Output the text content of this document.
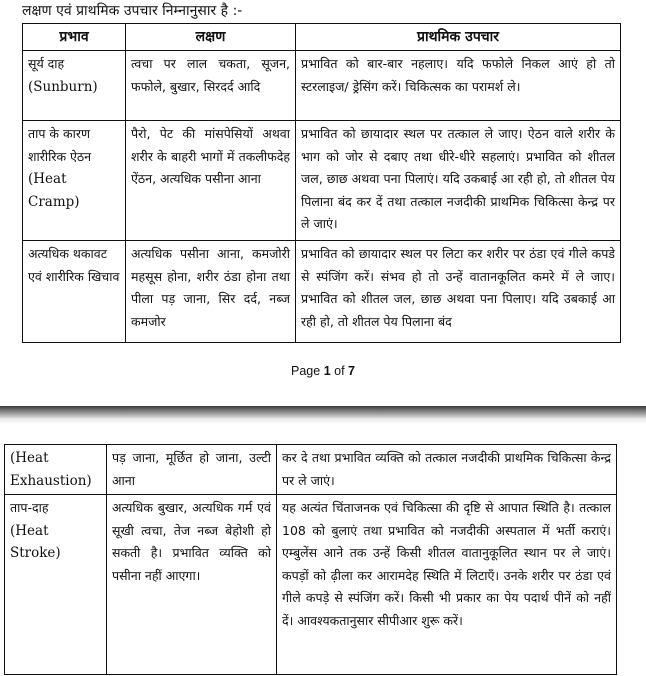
लक्षण एवं प्राथमिक उपचार निम्नानुसार है :-
प्रभाव	लक्षण	प्राथमिक उपचार

सूर्य दाह
(Sunburn)	त्वचा पर लाल चकता, सूजन, फफोले, बुखार, सिरदर्द आदि	प्रभावित को बार-बार नहलाए। यदि फफोले निकल आएं हो तो स्टरलाइज/ ड्रेसिंग करें। चिकित्सक का परामर्श ले।

ताप के कारण शारीरिक ऐठन
(Heat Cramp)	पैरो, पेट की मांसपेसियों अथवा शरीर के बाहरी भागों में तकलीफदेह ऐंठन, अत्यधिक पसीना आना	प्रभावित को छायादार स्थल पर तत्काल ले जाए। ऐठन वाले शरीर के भाग को जोर से दबाए तथा धीरे-धीरे सहलाएं। प्रभावित को शीतल जल, छाछ अथवा पना पिलाएं। यदि उकबाई आ रही हो, तो शीतल पेय पिलाना बंद कर दें तथा तत्काल नजदीकी प्राथमिक चिकित्सा केन्द्र पर ले जाएं।

अत्यधिक थकावट एवं शारीरिक खिचाव	अत्यधिक पसीना आना, कमजोरी महसूस होना, शरीर ठंडा होना तथा पीला पड़ जाना, सिर दर्द, नब्ज कमजोर	प्रभावित को छायादार स्थल पर लिटा कर शरीर पर ठंडा एवं गीले कपडे से स्पंजिंग करें। संभव हो तो उन्हें वातानकूलित कमरे में ले जाए। प्रभावित को शीतल जल, छाछ अथवा पना पिलाए। यदि उबकाई आ रही हो, तो शीतल पेय पिलाना बंद
Page 1 of 7
(Heat Exhaustion)	पड़ जाना, मूर्छित हो जाना, उल्टी आना	कर दे तथा प्रभावित व्यक्ति को तत्काल नजदीकी प्राथमिक चिकित्सा केन्द्र पर ले जाएं।

ताप-दाह
(Heat Stroke)	अत्यधिक बुखार, अत्यधिक गर्म एवं सूखी त्वचा, तेज नब्ज बेहोशी हो सकती है। प्रभावित व्यक्ति को पसीना नहीं आएगा।	यह अत्यंत चिंताजनक एवं चिकित्सा की दृष्टि से आपात स्थिति है। तत्काल 108 को बुलाएं तथा प्रभावित को नजदीकी अस्पताल में भर्ती कराएं। एम्बुलेंस आने तक उन्हें किसी शीतल वातानुकूलित स्थान पर ले जाएं। कपड़ों को ढ़ीला कर आरामदेह स्थिति में लिटाएँ। उनके शरीर पर ठंडा एवं गीले कपड़े से स्पंजिंग करें। किसी भी प्रकार का पेय पदार्थ पीनें को नहीं दें। आवश्यकतानुसार सीपीआर शुरू करें।
